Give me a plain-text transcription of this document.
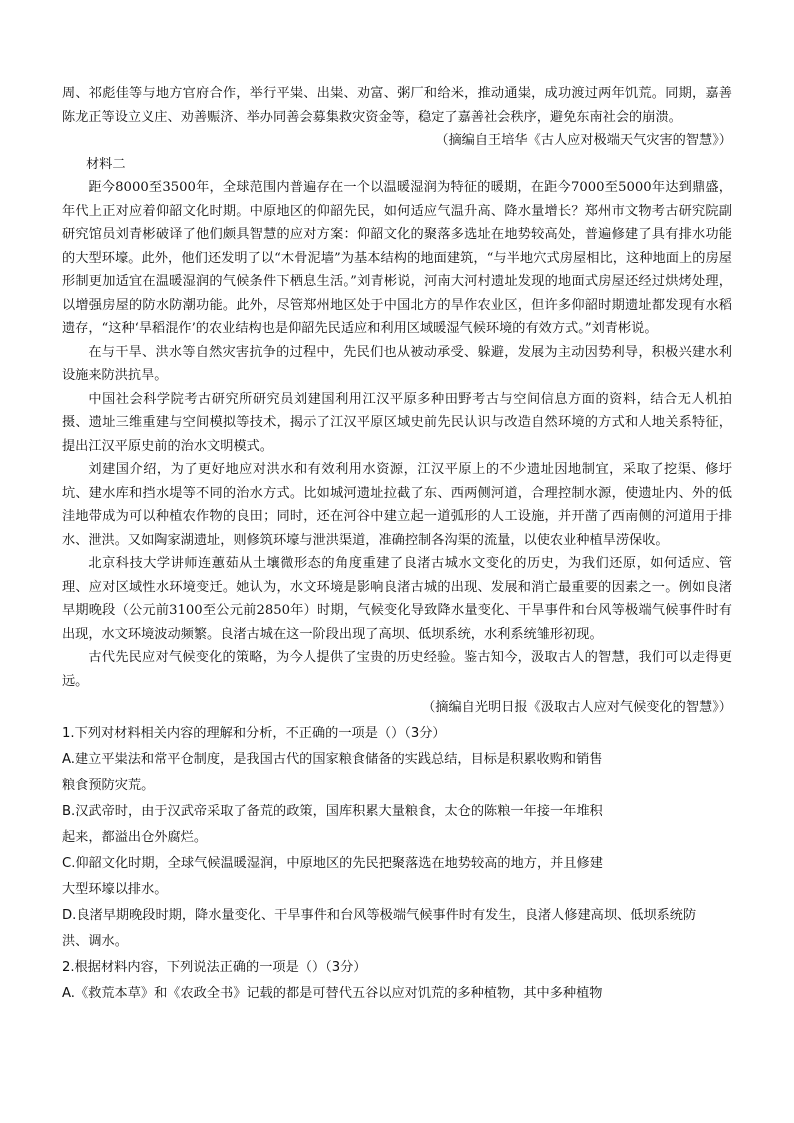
周、祁彪佳等与地方官府合作，举行平粜、出粜、劝富、粥厂和给米，推动通粜，成功渡过两年饥荒。同期，嘉善陈龙正等设立义庄、劝善赈济、举办同善会募集救灾资金等，稳定了嘉善社会秩序，避免东南社会的崩溃。

（摘编自王培华《古人应对极端天气灾害的智慧》）

材料二

距今8000至3500年，全球范围内普遍存在一个以温暖湿润为特征的暖期，在距今7000至5000年达到鼎盛，年代上正对应着仰韶文化时期。中原地区的仰韶先民，如何适应气温升高、降水量增长？郑州市文物考古研究院副研究馆员刘青彬破译了他们颇具智慧的应对方案：仰韶文化的聚落多选址在地势较高处，普遍修建了具有排水功能的大型环壕。此外，他们还发明了以“木骨泥墙”为基本结构的地面建筑，“与半地穴式房屋相比，这种地面上的房屋形制更加适宜在温暖湿润的气候条件下栖息生活。”刘青彬说，河南大河村遗址发现的地面式房屋还经过烘烤处理，以增强房屋的防水防潮功能。此外，尽管郑州地区处于中国北方的旱作农业区，但许多仰韶时期遗址都发现有水稻遗存，“这种‘旱稻混作’的农业结构也是仰韶先民适应和利用区域暖湿气候环境的有效方式。”刘青彬说。

在与干旱、洪水等自然灾害抗争的过程中，先民们也从被动承受、躲避，发展为主动因势利导，积极兴建水利设施来防洪抗旱。

中国社会科学院考古研究所研究员刘建国利用江汉平原多种田野考古与空间信息方面的资料，结合无人机拍摄、遗址三维重建与空间模拟等技术，揭示了江汉平原区域史前先民认识与改造自然环境的方式和人地关系特征，提出江汉平原史前的治水文明模式。

刘建国介绍，为了更好地应对洪水和有效利用水资源，江汉平原上的不少遗址因地制宜，采取了挖渠、修圩坑、建水库和挡水堤等不同的治水方式。比如城河遗址拉截了东、西两侧河道，合理控制水源，使遗址内、外的低洼地带成为可以种植农作物的良田；同时，还在河谷中建立起一道弧形的人工设施，并开凿了西南侧的河道用于排水、泄洪。又如陶家湖遗址，则修筑环壕与泄洪渠道，准确控制各沟渠的流量，以使农业种植旱涝保收。

北京科技大学讲师连蕙茹从土壤微形态的角度重建了良渚古城水文变化的历史，为我们还原，如何适应、管理、应对区域性水环境变迁。她认为，水文环境是影响良渚古城的出现、发展和消亡最重要的因素之一。例如良渚早期晚段（公元前3100至公元前2850年）时期，气候变化导致降水量变化、干旱事件和台风等极端气候事件时有出现，水文环境波动频繁。良渚古城在这一阶段出现了高坝、低坝系统，水利系统雏形初现。

古代先民应对气候变化的策略，为今人提供了宝贵的历史经验。鉴古知今，汲取古人的智慧，我们可以走得更远。

（摘编自光明日报《汲取古人应对气候变化的智慧》）

1.下列对材料相关内容的理解和分析，不正确的一项是（）（3分）

A.建立平粜法和常平仓制度，是我国古代的国家粮食储备的实践总结，目标是积累收购和销售

粮食预防灾荒。

B.汉武帝时，由于汉武帝采取了备荒的政策，国库积累大量粮食，太仓的陈粮一年接一年堆积

起来，都溢出仓外腐烂。

C.仰韶文化时期，全球气候温暖湿润，中原地区的先民把聚落选在地势较高的地方，并且修建

大型环壕以排水。

D.良渚早期晚段时期，降水量变化、干旱事件和台风等极端气候事件时有发生，良渚人修建高坝、低坝系统防

洪、调水。

2.根据材料内容，下列说法正确的一项是（）（3分）

A.《救荒本草》和《农政全书》记载的都是可替代五谷以应对饥荒的多种植物，其中多种植物
